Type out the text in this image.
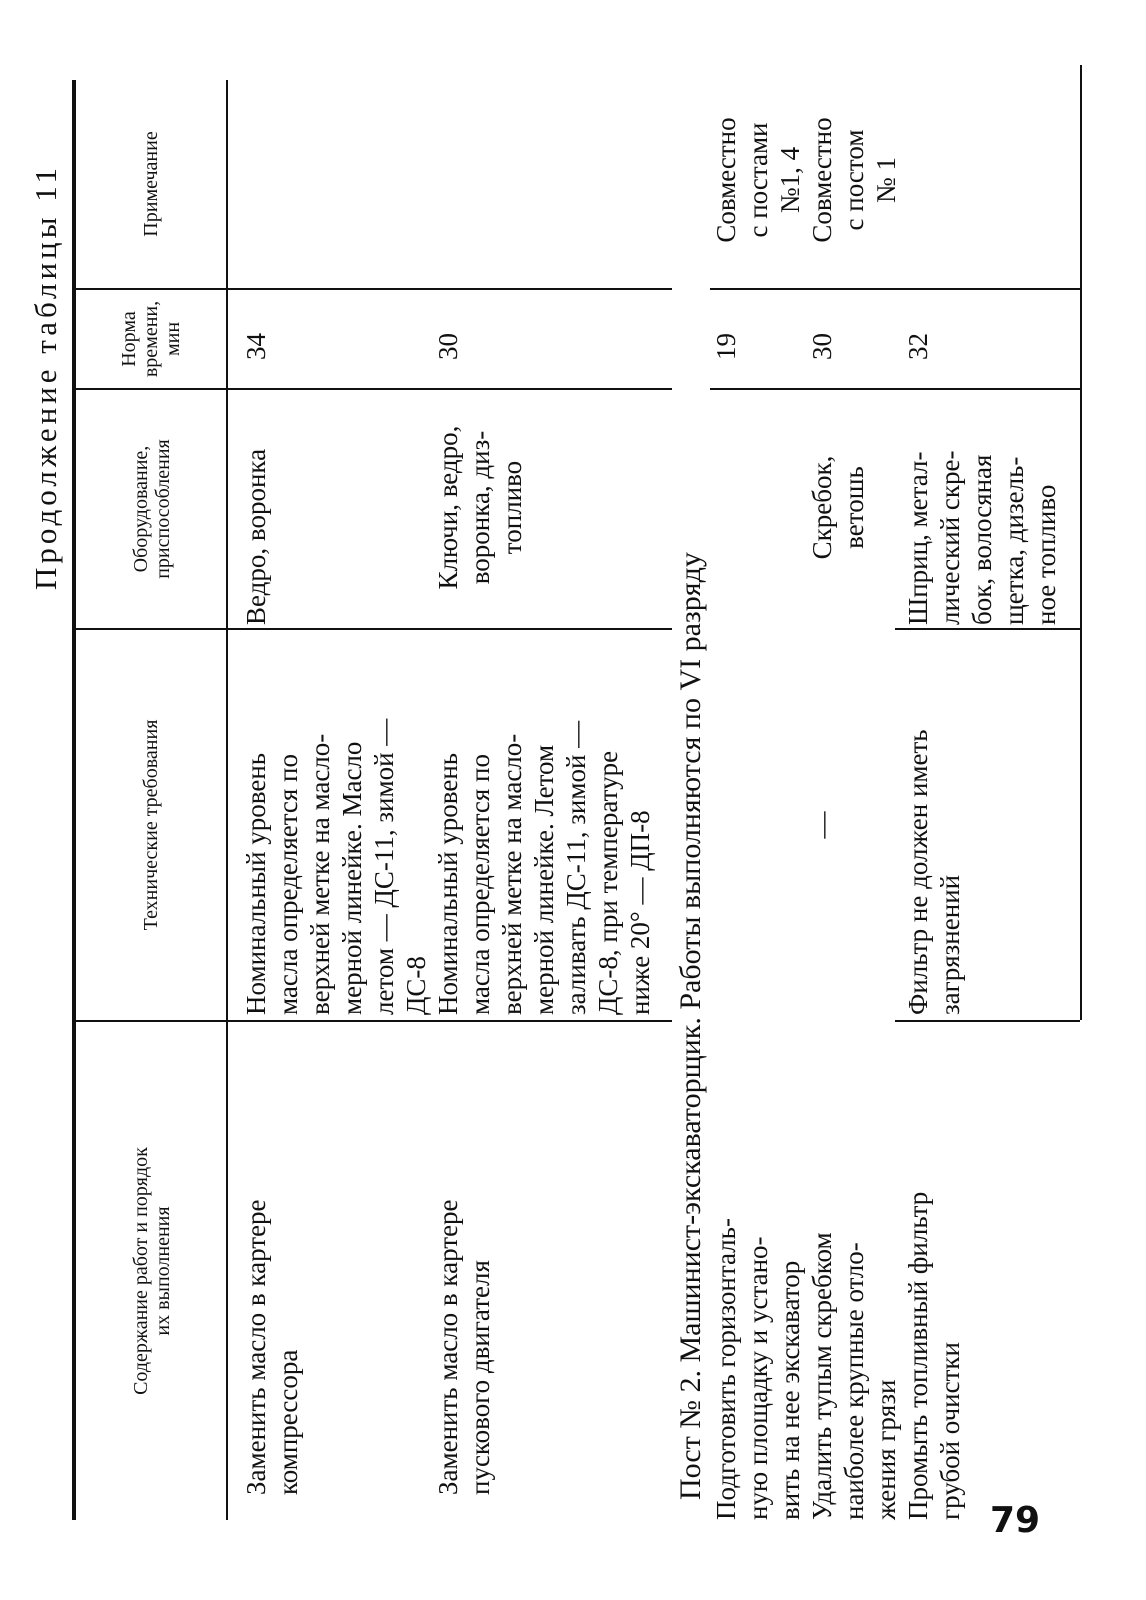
Продолжение таблицы 11
Содержание работ и порядок
их выполнения
Технические требования
Оборудование,
приспособления
Норма
времени,
мин
Примечание
Заменить масло в картере
компрессора
Номинальный уровень
масла определяется по
верхней метке на масло-
мерной линейке. Масло
летом — ДС-11, зимой —
ДС-8
Ведро, воронка
34
Заменить масло в картере
пускового двигателя
Номинальный уровень
масла определяется по
верхней метке на масло-
мерной линейке. Летом
заливать ДС-11, зимой —
ДС-8, при температуре
ниже 20° — ДП-8
Ключи, ведро,
воронка, диз-
топливо
30
Пост № 2. Машинист-экскаваторщик. Работы выполняются по VI разряду Подготовить горизонталь-
ную площадку и устано-
вить на нее экскаватор
19
Совместно
с постами
№1, 4
Удалить тупым скребком
наиболее крупные отло-
жения грязи
—
Скребок,
ветошь
30
Совместно
с постом
№ 1
Промыть топливный фильтр
грубой очистки
Фильтр не должен иметь
загрязнений
Шприц, метал-
лический скре-
бок, волосяная
щетка, дизель-
ное топливо
32
79
